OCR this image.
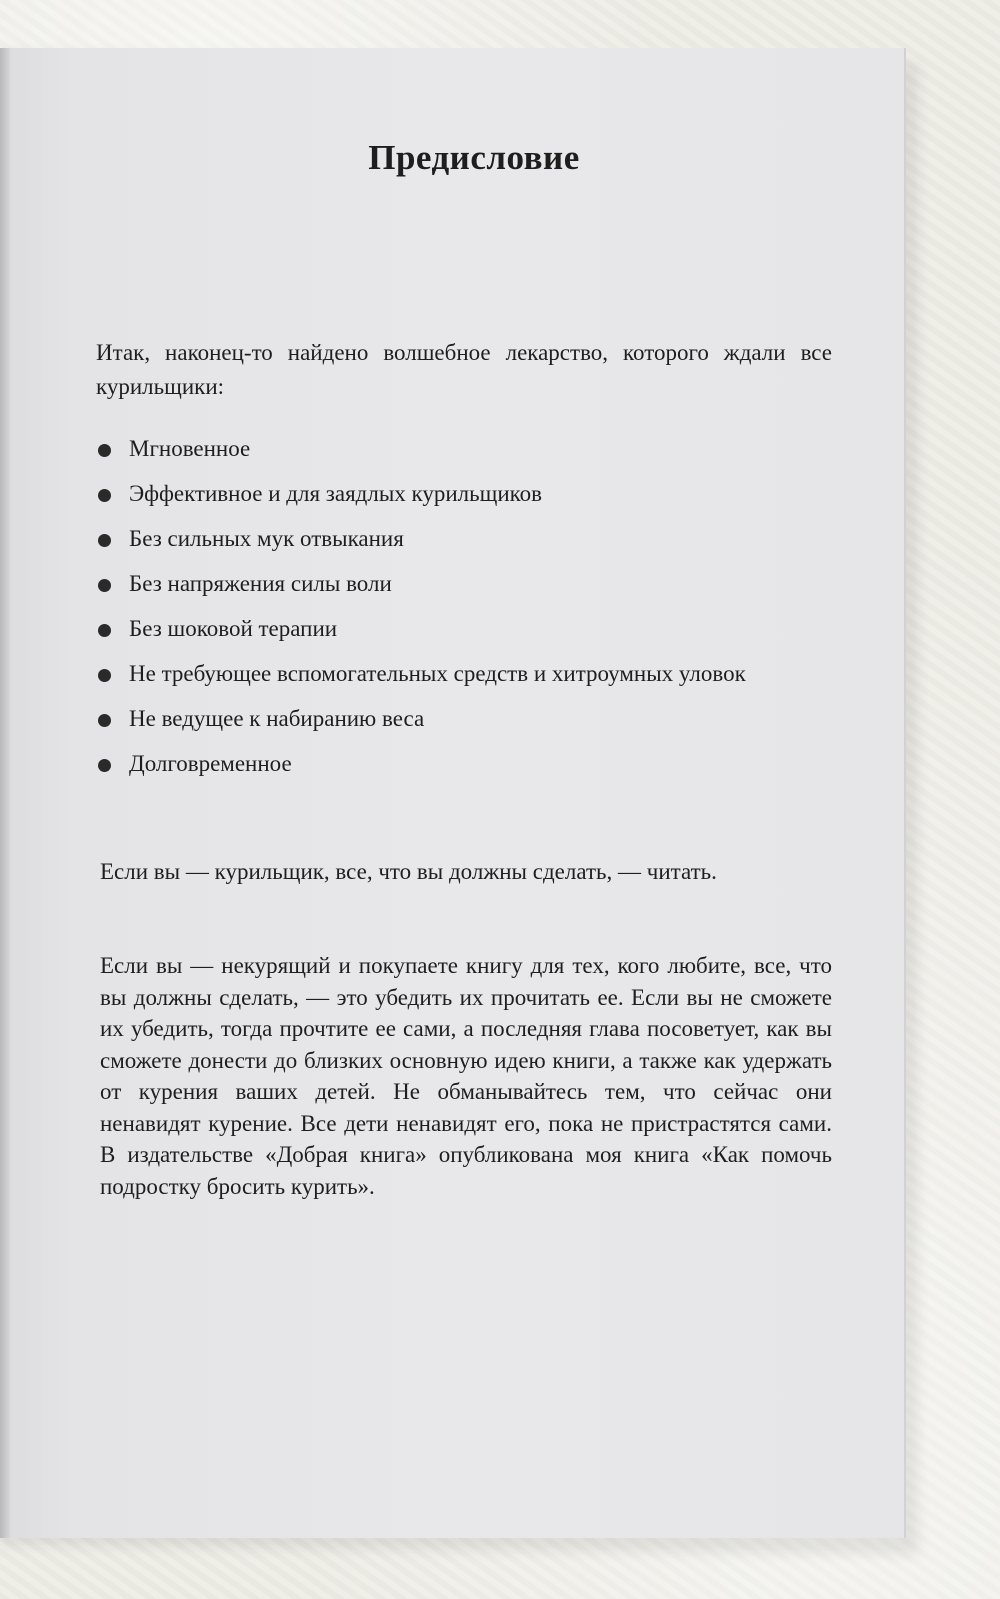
Предисловие

Итак, наконец-то найдено волшебное лекарство, которого ждали все курильщики:

Мгновенное
Эффективное и для заядлых курильщиков
Без сильных мук отвыкания
Без напряжения силы воли
Без шоковой терапии
Не требующее вспомогательных средств и хитроумных уловок
Не ведущее к набиранию веса
Долговременное

Если вы — курильщик, все, что вы должны сделать, — читать.

Если вы — некурящий и покупаете книгу для тех, кого любите, все, что вы должны сделать, — это убедить их прочитать ее. Если вы не сможете их убедить, тогда прочтите ее сами, а последняя глава посоветует, как вы сможете донести до близких основную идею книги, а также как удержать от курения ваших детей. Не обманывайтесь тем, что сейчас они ненавидят курение. Все дети ненавидят его, пока не пристрастятся сами. В издательстве «Добрая книга» опубликована моя книга «Как помочь подростку бросить курить».
